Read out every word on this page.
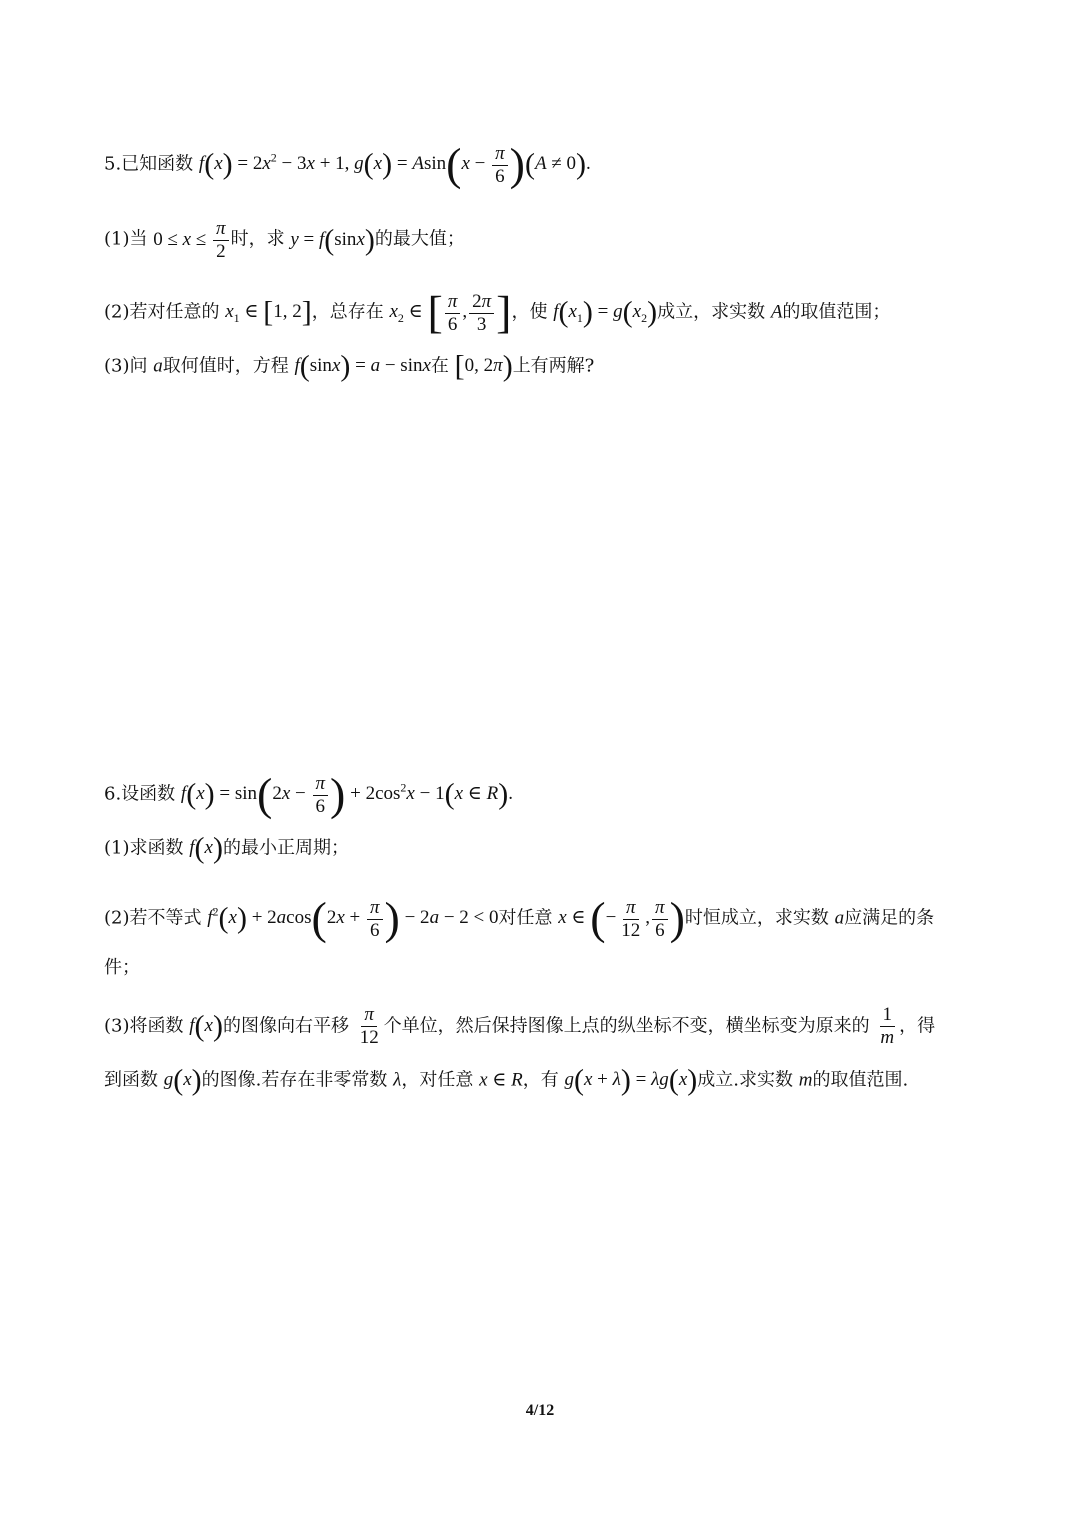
5.已知函数 $f(x) = 2x^2 - 3x + 1$, $g(x) = Asin(x - \frac{\pi}{6} )(A \ne 0)$.
(1)当 $0 \le x \le \frac{\pi}{2}$ 时，求 y = f(sinx)的最大值；
(2)若对任意的 $x_1$ ∈ [1, 2]，总存在 $x_2$ ∈ [ $\frac{\pi}{6}$ , $\frac{2\pi}{3}$ ]，使 $f(x_1) = g(x_2)$成立，求实数 A的取值范围；
(3)问 a取何值时，方程 f(sinx) = a − sinx在 [0, 2π)上有两解?
6.设函数 $f(x) = \sin(2x - \frac{\pi}{6}$ ) + $2\cos^2x - 1(x$ ∈ R).
(1)求函数 f(x)的最小正周期；
(2)若不等式 $f^2(x) + 2acos(2x + \frac{\pi}{6}$ ) − 2a − 2 < 0对任意 x ∈ (− $\frac{\pi}{12}$ , $\frac{\pi}{6}$ )时恒成立，求实数 a应满足的条
件；
(3)将函数 f(x)的图像向右平移 $\frac{\pi}{12}$ 个单位，然后保持图像上点的纵坐标不变，横坐标变为原来的 $\frac{1}{m}$ ，得
到函数 g(x)的图像.若存在非零常数 λ，对任意 x ∈ R，有 g(x + λ) = λg(x)成立.求实数 m的取值范围.
4/12
